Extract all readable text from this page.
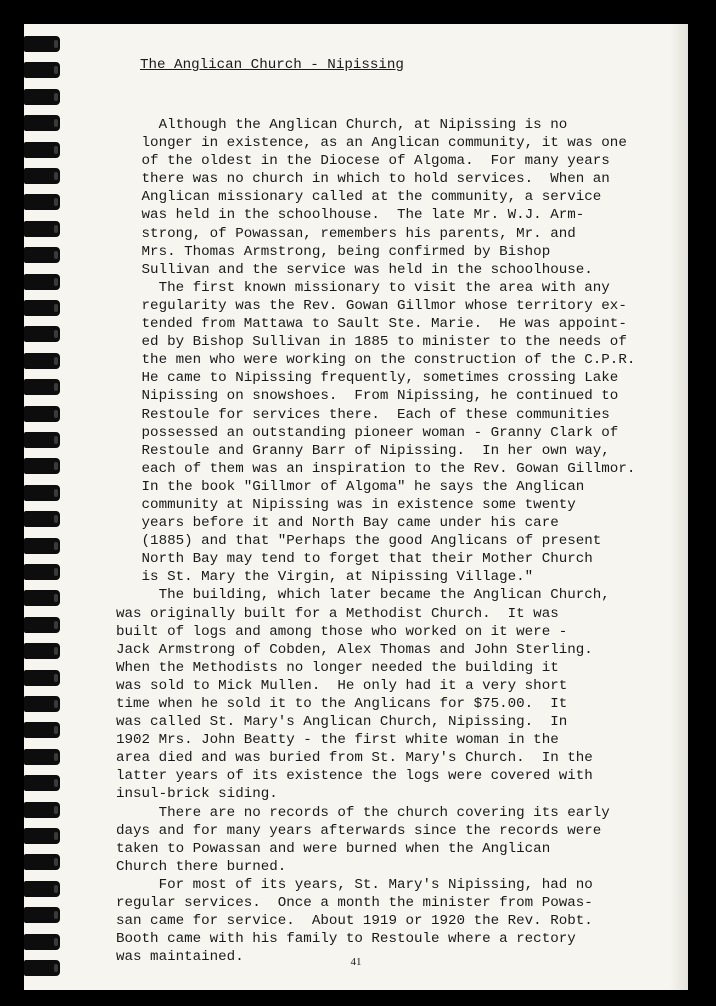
The Anglican Church - Nipissing
Although the Anglican Church, at Nipissing is no
longer in existence, as an Anglican community, it was one
of the oldest in the Diocese of Algoma.  For many years
there was no church in which to hold services.  When an
Anglican missionary called at the community, a service
was held in the schoolhouse.  The late Mr. W.J. Arm-
strong, of Powassan, remembers his parents, Mr. and
Mrs. Thomas Armstrong, being confirmed by Bishop
Sullivan and the service was held in the schoolhouse.
The first known missionary to visit the area with any
regularity was the Rev. Gowan Gillmor whose territory ex-
tended from Mattawa to Sault Ste. Marie.  He was appoint-
ed by Bishop Sullivan in 1885 to minister to the needs of
the men who were working on the construction of the C.P.R.
He came to Nipissing frequently, sometimes crossing Lake
Nipissing on snowshoes.  From Nipissing, he continued to
Restoule for services there.  Each of these communities
possessed an outstanding pioneer woman - Granny Clark of
Restoule and Granny Barr of Nipissing.  In her own way,
each of them was an inspiration to the Rev. Gowan Gillmor.
In the book "Gillmor of Algoma" he says the Anglican
community at Nipissing was in existence some twenty
years before it and North Bay came under his care
(1885) and that "Perhaps the good Anglicans of present
North Bay may tend to forget that their Mother Church
is St. Mary the Virgin, at Nipissing Village."
The building, which later became the Anglican Church,
was originally built for a Methodist Church.  It was
built of logs and among those who worked on it were -
Jack Armstrong of Cobden, Alex Thomas and John Sterling.
When the Methodists no longer needed the building it
was sold to Mick Mullen.  He only had it a very short
time when he sold it to the Anglicans for $75.00.  It
was called St. Mary's Anglican Church, Nipissing.  In
1902 Mrs. John Beatty - the first white woman in the
area died and was buried from St. Mary's Church.  In the
latter years of its existence the logs were covered with
insul-brick siding.
There are no records of the church covering its early
days and for many years afterwards since the records were
taken to Powassan and were burned when the Anglican
Church there burned.
For most of its years, St. Mary's Nipissing, had no
regular services.  Once a month the minister from Powas-
san came for service.  About 1919 or 1920 the Rev. Robt.
Booth came with his family to Restoule where a rectory
was maintained.	41
